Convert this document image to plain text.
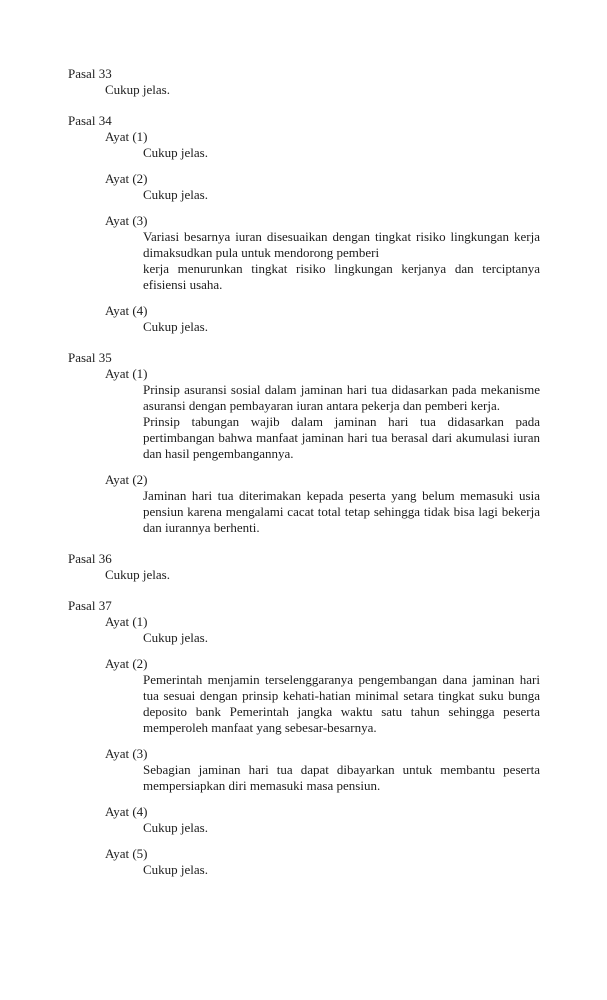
Pasal 33
Cukup jelas.
Pasal 34
Ayat (1)
Cukup jelas.
Ayat (2)
Cukup jelas.
Ayat (3)
Variasi besarnya iuran disesuaikan dengan tingkat risiko lingkungan kerja dimaksudkan pula untuk mendorong pemberi
kerja menurunkan tingkat risiko lingkungan kerjanya dan terciptanya efisiensi usaha.
Ayat (4)
Cukup jelas.
Pasal 35
Ayat (1)
Prinsip asuransi sosial dalam jaminan hari tua didasarkan pada mekanisme asuransi dengan pembayaran iuran antara pekerja dan pemberi kerja.
Prinsip tabungan wajib dalam jaminan hari tua didasarkan pada pertimbangan bahwa manfaat jaminan hari tua berasal dari akumulasi iuran dan hasil pengembangannya.
Ayat (2)
Jaminan hari tua diterimakan kepada peserta yang belum memasuki usia pensiun karena mengalami cacat total tetap sehingga tidak bisa lagi bekerja dan iurannya berhenti.
Pasal 36
Cukup jelas.
Pasal 37
Ayat (1)
Cukup jelas.
Ayat (2)
Pemerintah menjamin terselenggaranya pengembangan dana jaminan hari tua sesuai dengan prinsip kehati-hatian minimal setara tingkat suku bunga deposito bank Pemerintah jangka waktu satu tahun sehingga peserta memperoleh manfaat yang sebesar-besarnya.
Ayat (3)
Sebagian jaminan hari tua dapat dibayarkan untuk membantu peserta mempersiapkan diri memasuki masa pensiun.
Ayat (4)
Cukup jelas.
Ayat (5)
Cukup jelas.
